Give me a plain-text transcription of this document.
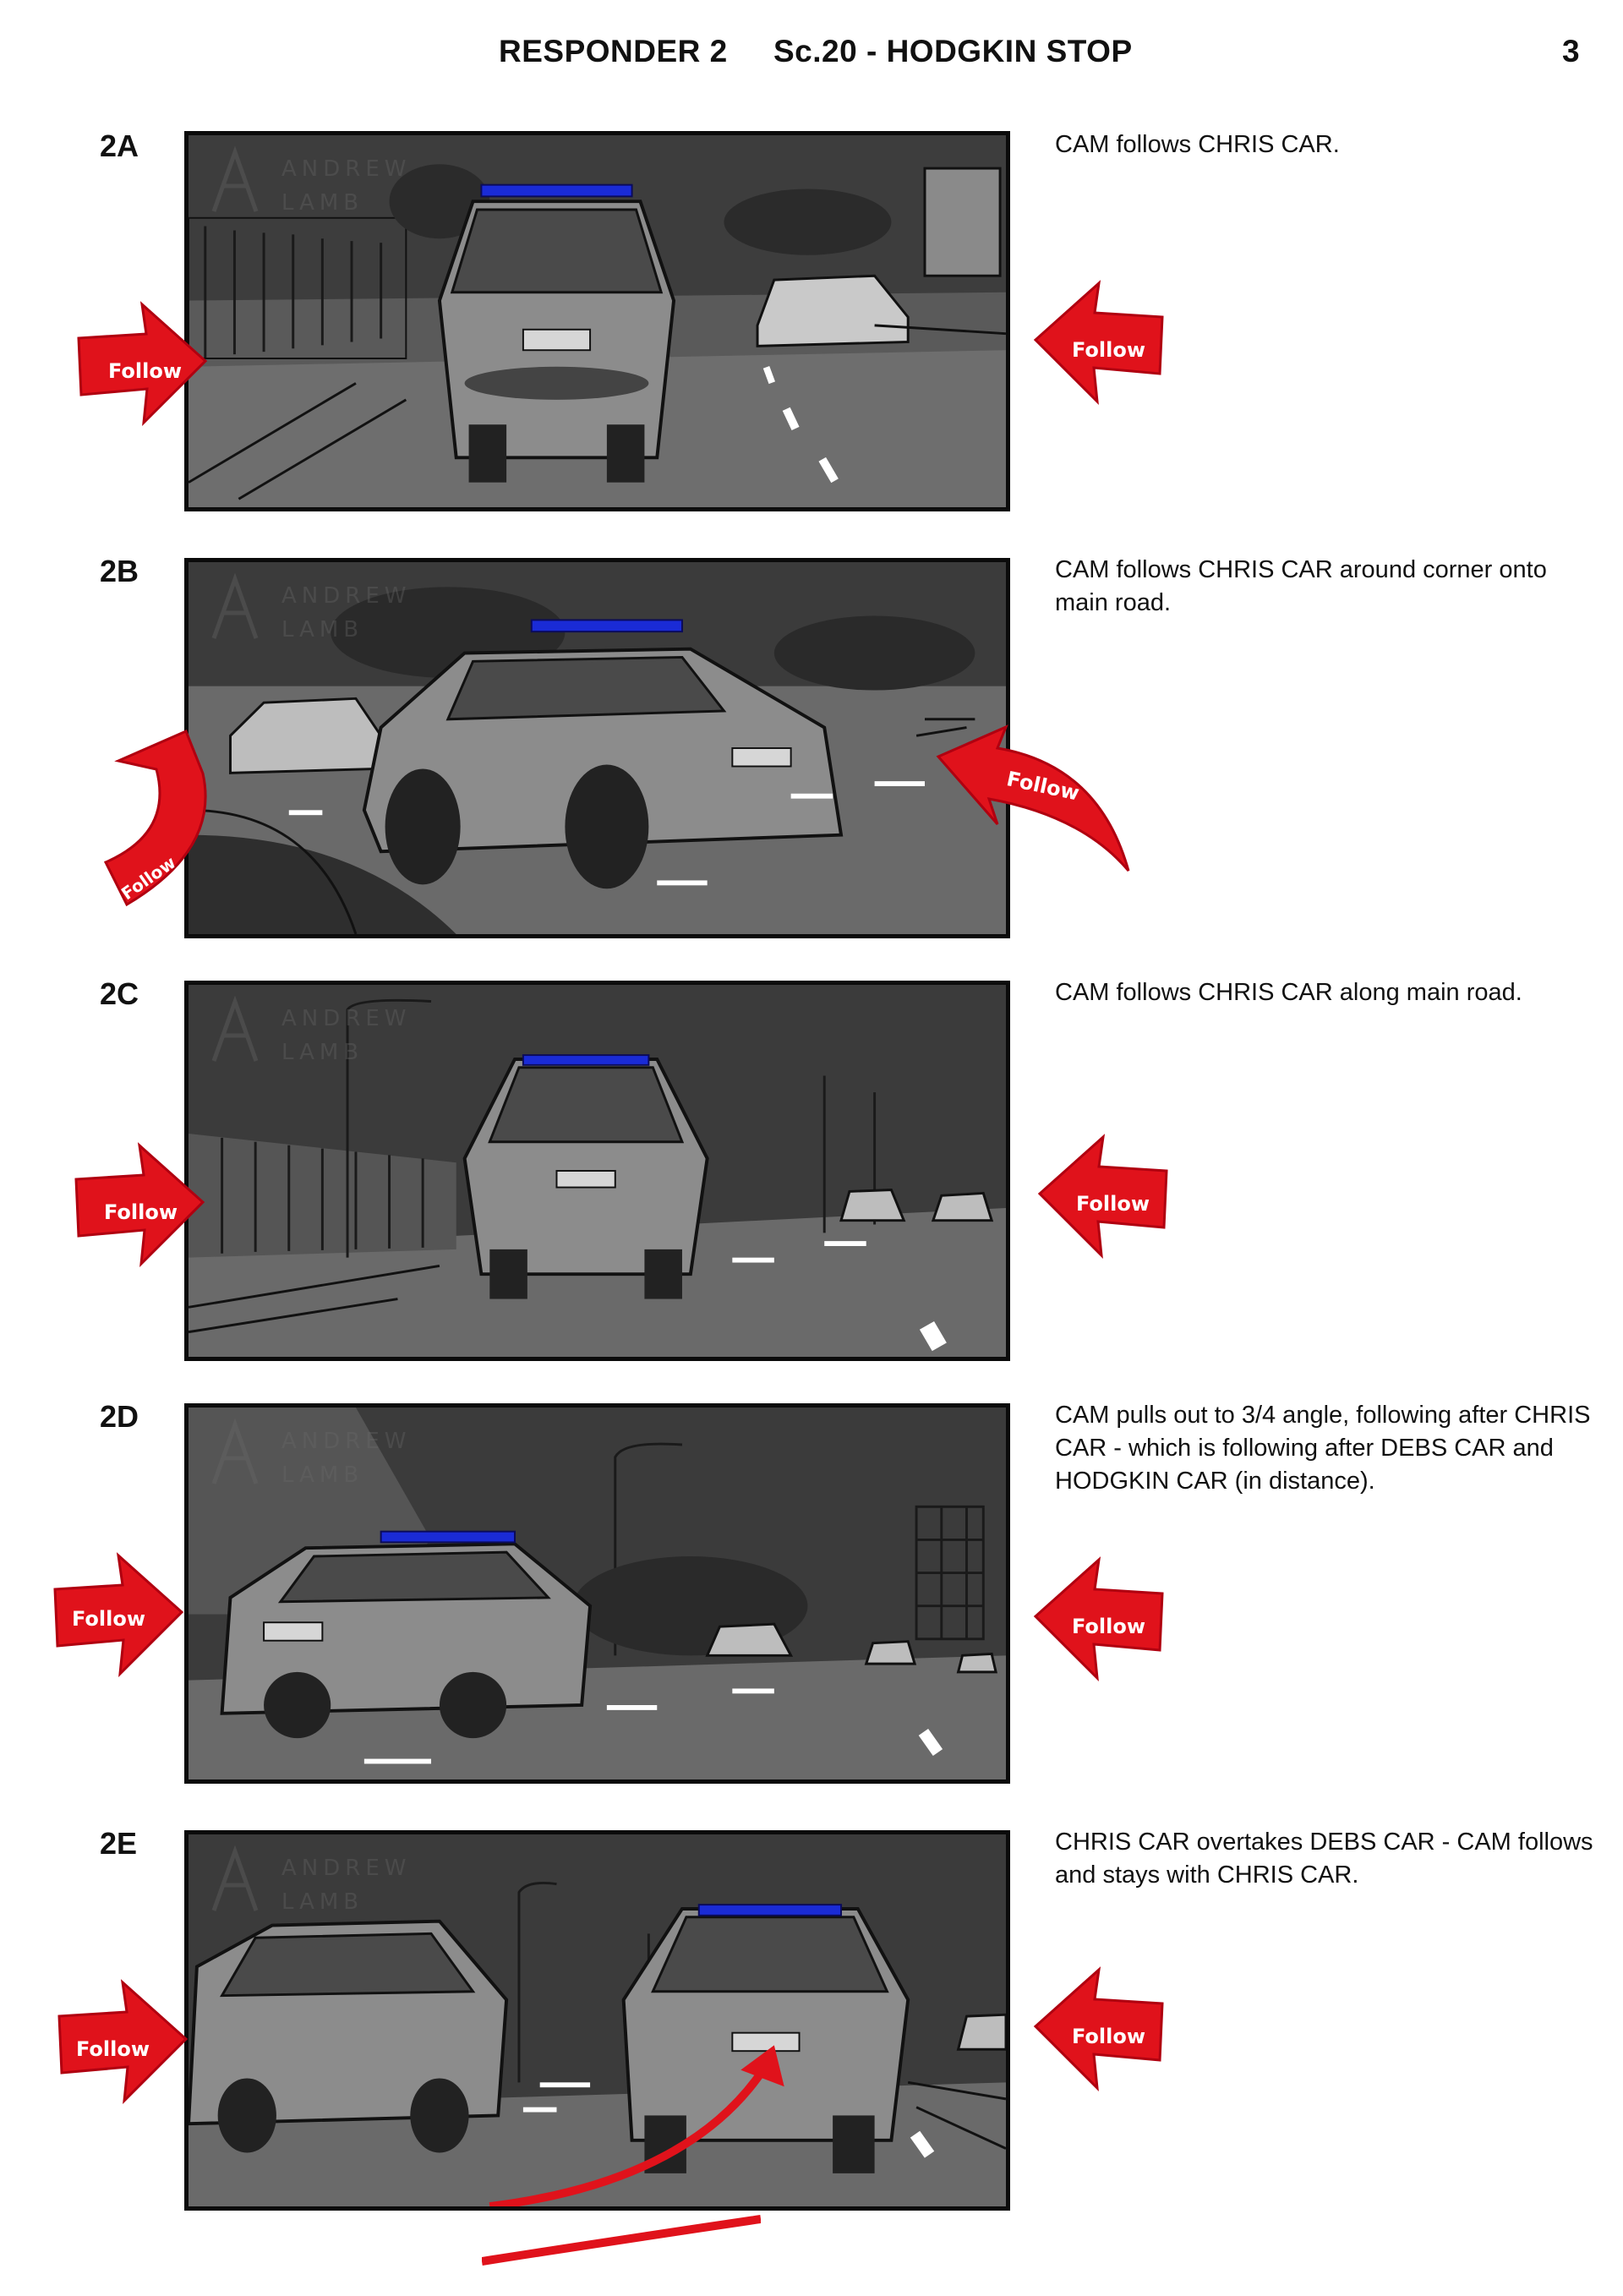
RESPONDER 2 Sc.20 - HODGKIN STOP	3
2A
ANDREW
LAMB
CAM follows CHRIS CAR.
Follow
Follow
2B
ANDREW
LAMB
CAM follows CHRIS CAR around corner onto main road.
Follow
Follow
2C
ANDREW
LAMB
CAM follows CHRIS CAR along main road.
Follow	Follow
2D
ANDREW
LAMB
CAM pulls out to 3/4 angle, following after CHRIS CAR - which is following after DEBS CAR and HODGKIN CAR (in distance).
Follow	Follow
2E
ANDREW
LAMB
CHRIS CAR overtakes DEBS CAR - CAM follows and stays with CHRIS CAR.
Follow
Follow
